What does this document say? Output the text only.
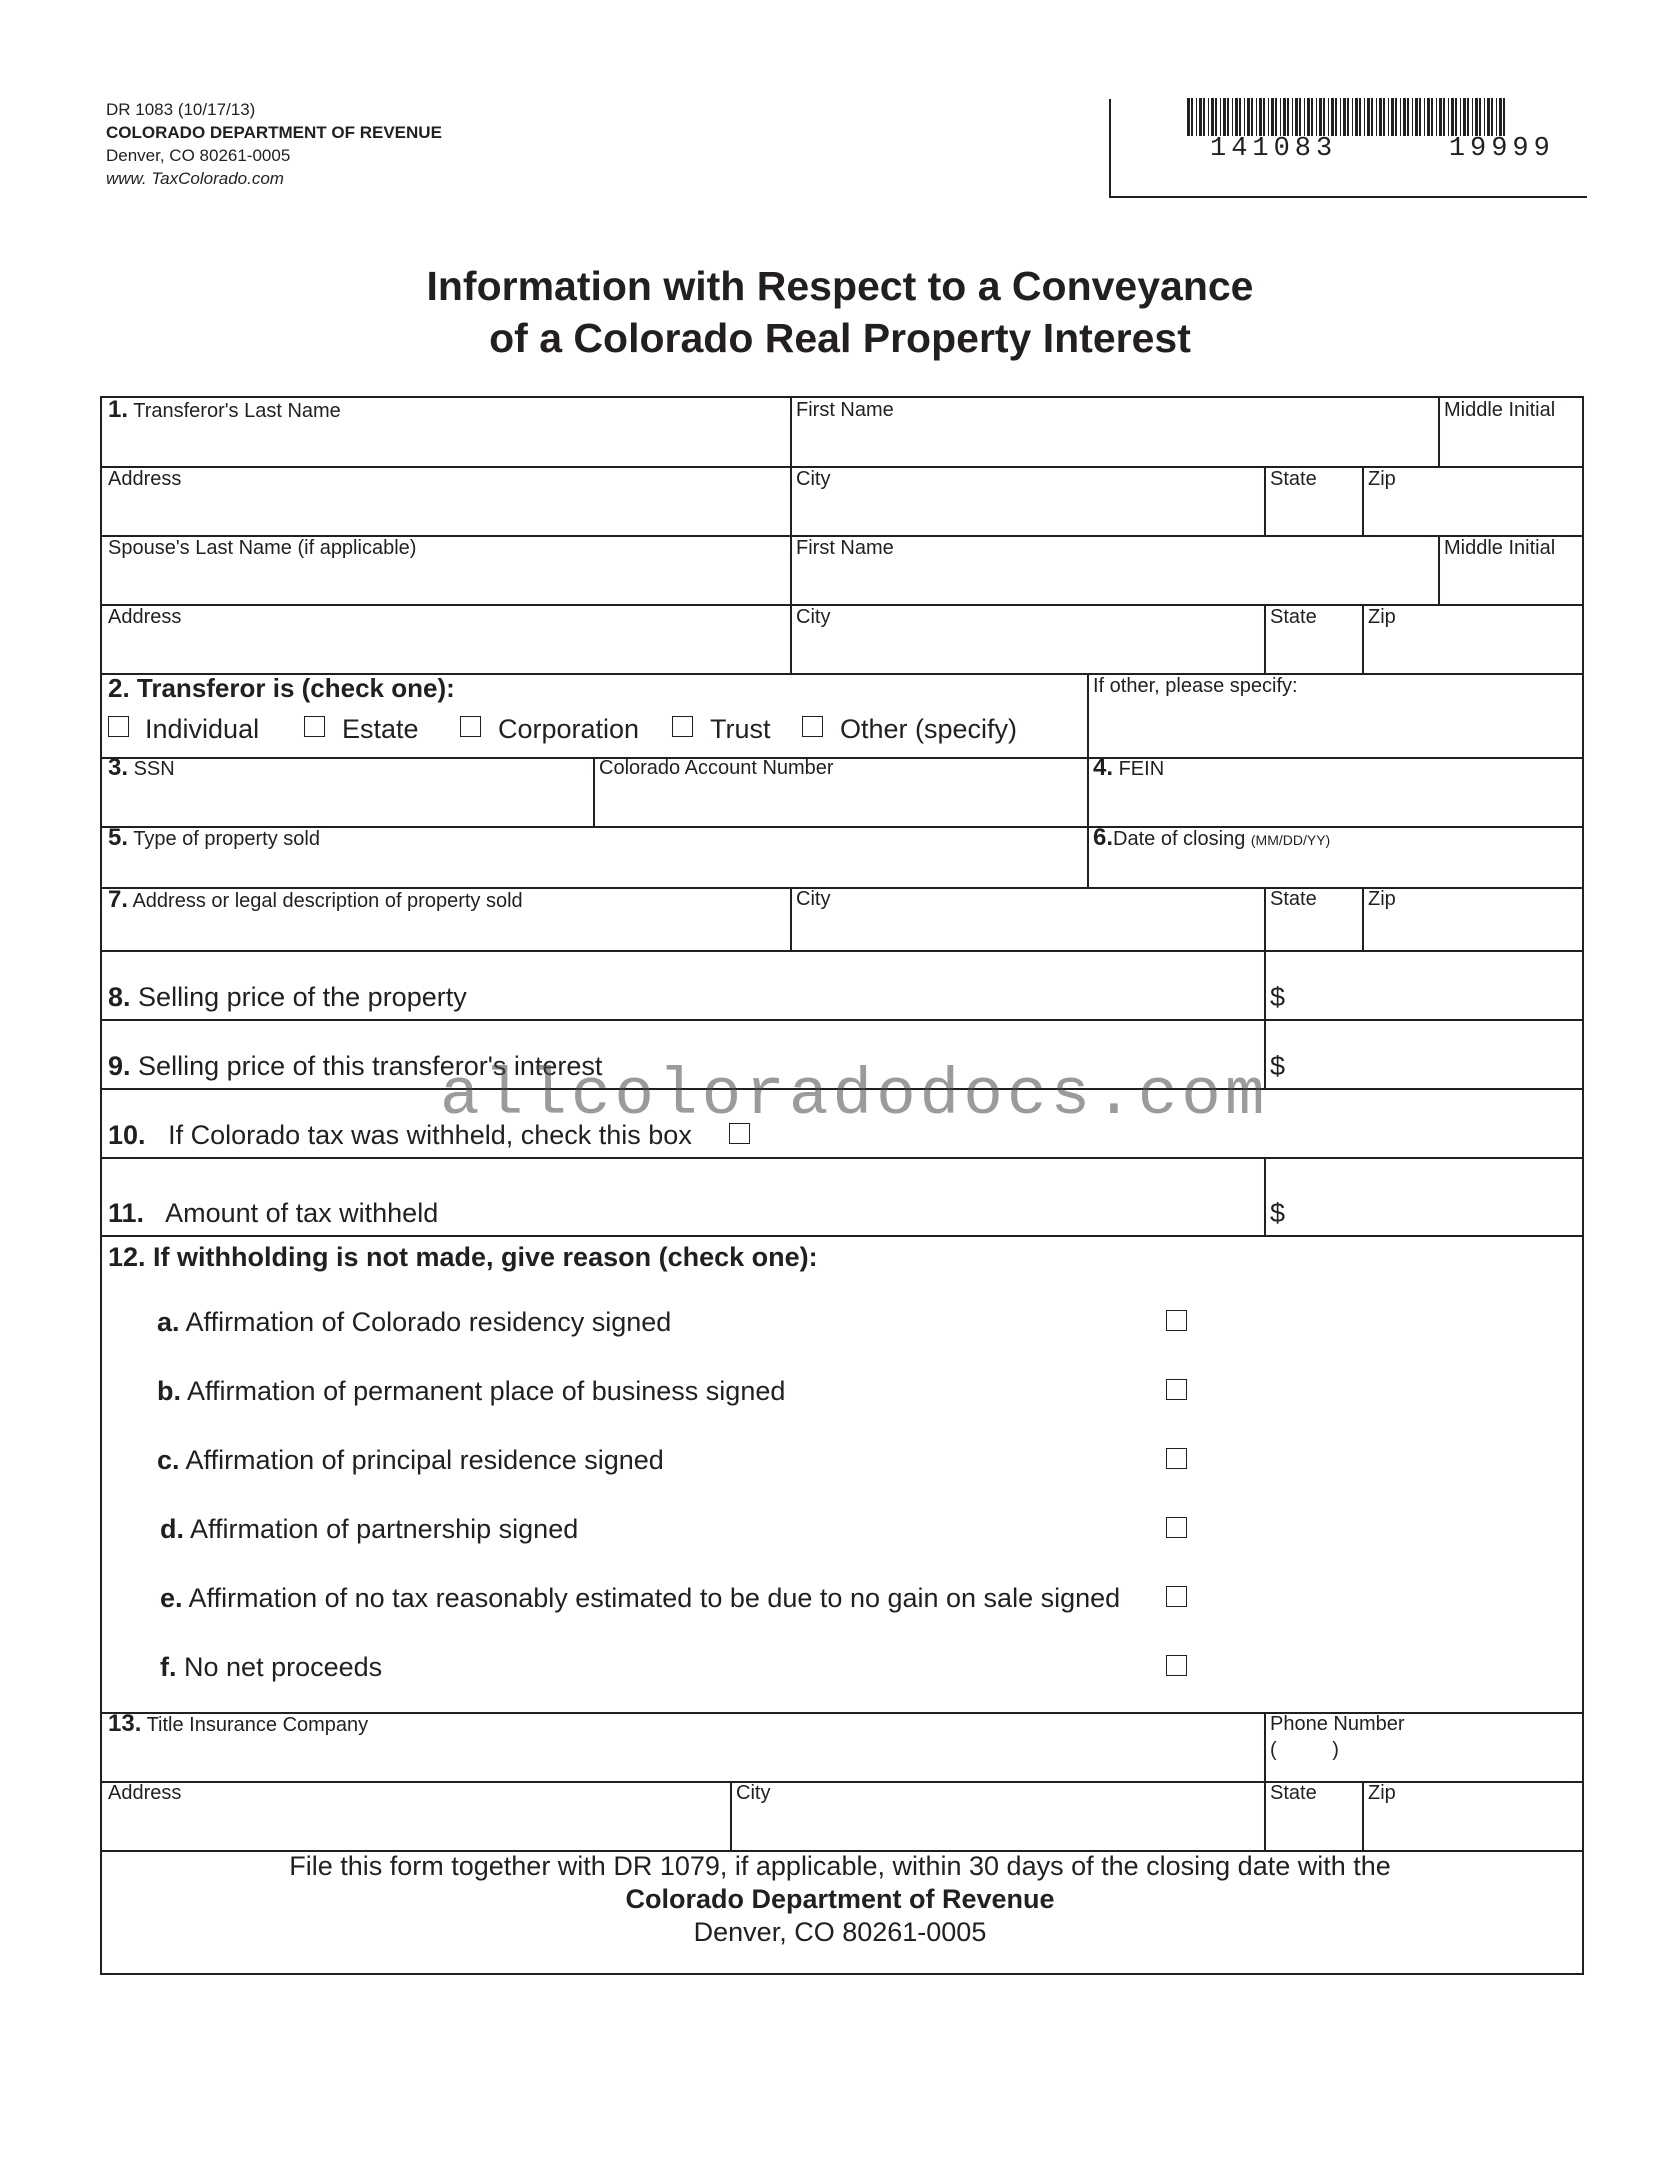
DR 1083 (10/17/13)
COLORADO DEPARTMENT OF REVENUE
Denver, CO 80261-0005
www. TaxColorado.com
141083   19999
Information with Respect to a Conveyance
of a Colorado Real Property Interest
1. Transferor's Last Name	First Name	Middle Initial
Address	City	State	Zip
Spouse's Last Name (if applicable)	First Name	Middle Initial
Address	City	State	Zip
2. Transferor is (check one):	If other, please specify:
Individual	Estate	Corporation	Trust	Other (specify)
3. SSN	Colorado Account Number	4. FEIN
5. Type of property sold	6.Date of closing (MM/DD/YY)
7. Address or legal description of property sold	City	State	Zip
8. Selling price of the property	$
9. Selling price of this transferor's interest	$
10. If Colorado tax was withheld, check this box
11. Amount of tax withheld	$
12. If withholding is not made, give reason (check one):
a. Affirmation of Colorado residency signed
b. Affirmation of permanent place of business signed
c. Affirmation of principal residence signed
d. Affirmation of partnership signed
e. Affirmation of no tax reasonably estimated to be due to no gain on sale signed
f. No net proceeds
13. Title Insurance Company	Phone Number
(          )
Address	City	State	Zip
File this form together with DR 1079, if applicable, within 30 days of the closing date with the
Colorado Department of Revenue
Denver, CO 80261-0005
allcoloradodocs.com
